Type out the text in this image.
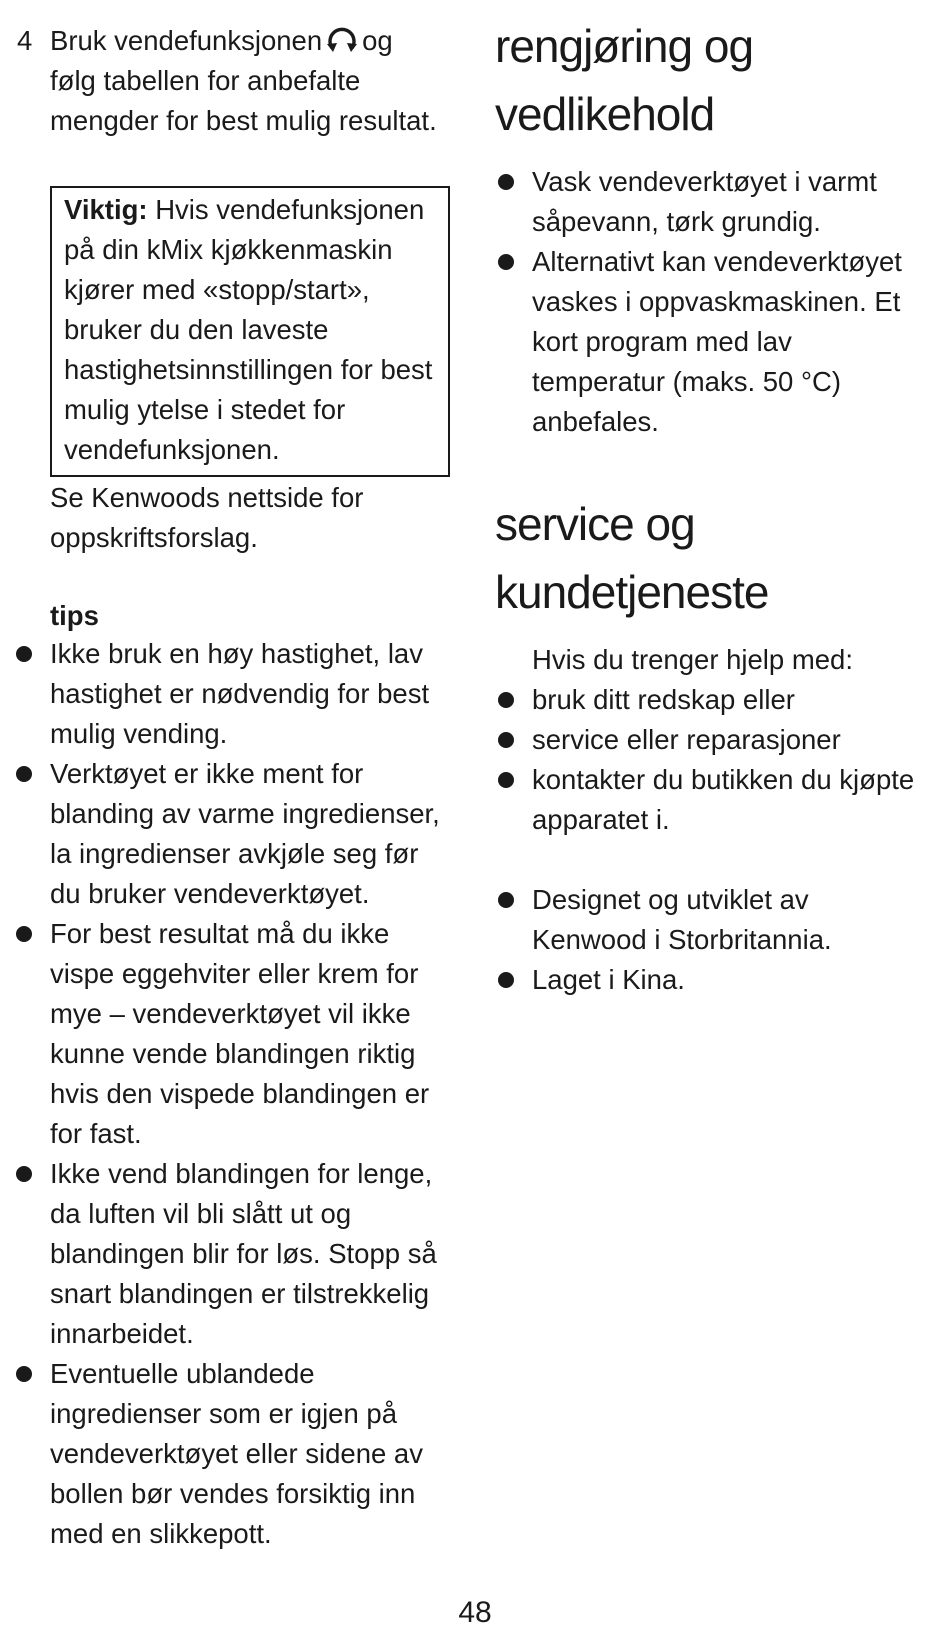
4 Bruk vendefunksjonen og følg tabellen for anbefalte mengder for best mulig resultat.
Viktig: Hvis vendefunksjonen på din kMix kjøkkenmaskin kjører med «stopp/start», bruker du den laveste hastighetsinnstillingen for best mulig ytelse i stedet for vendefunksjonen.
Se Kenwoods nettside for oppskriftsforslag.
tips
Ikke bruk en høy hastighet, lav hastighet er nødvendig for best mulig vending.
Verktøyet er ikke ment for blanding av varme ingredienser, la ingredienser avkjøle seg før du bruker vendeverktøyet.
For best resultat må du ikke vispe eggehviter eller krem for mye – vendeverktøyet vil ikke kunne vende blandingen riktig hvis den vispede blandingen er for fast.
Ikke vend blandingen for lenge, da luften vil bli slått ut og blandingen blir for løs. Stopp så snart blandingen er tilstrekkelig innarbeidet.
Eventuelle ublandede ingredienser som er igjen på vendeverktøyet eller sidene av bollen bør vendes forsiktig inn med en slikkepott.
rengjøring og vedlikehold
Vask vendeverktøyet i varmt såpevann, tørk grundig.
Alternativt kan vendeverktøyet vaskes i oppvaskmaskinen. Et kort program med lav temperatur (maks. 50 °C) anbefales.
service og kundetjeneste
Hvis du trenger hjelp med:
bruk ditt redskap eller
service eller reparasjoner
kontakter du butikken du kjøpte apparatet i.
Designet og utviklet av Kenwood i Storbritannia.
Laget i Kina.
48
